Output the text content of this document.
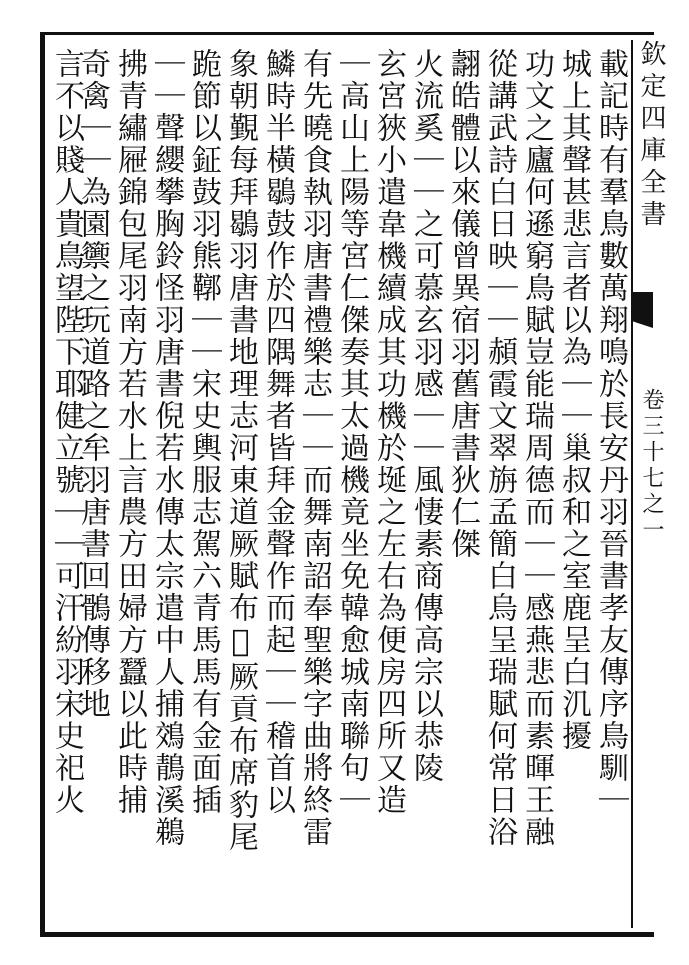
欽定四庫全書
卷三十七之一
載記時有羣鳥數萬翔鳴於長安丹羽晉書孝友傳序鳥馴｜
城上其聲甚悲言者以為｜｜巢叔和之室鹿呈白㲹擾
功文之廬何遜窮鳥賦豈能瑞周德而｜｜感燕悲而素暉王融
從講武詩白日映｜｜頳霞文翠旃孟簡白烏呈瑞賦何常日浴
翿皓體以來儀曾異宿羽舊唐書狄仁傑
火流奚｜｜之可慕玄羽感｜｜風悽素商傳高宗以恭陵
玄宮狹小遣韋機續成其功機於埏之左右為便房四所又造
｜高山上陽等宮仁傑奏其太過機竟坐免韓愈城南聯句｜
有先曉食執羽唐書禮樂志｜｜而舞南詔奉聖樂字曲將終雷
鱗時半橫鶡鼓作於四隅舞者皆拜金聲作而起｜｜稽首以
象朝覲每拜鶡羽唐書地理志河東道厥賦布𥱧厥貢布席豹尾
跪節以鉦鼓羽熊鞹｜｜宋史輿服志駕六青馬馬有金面插
｜｜聲纓攀胸鈴怪羽唐書倪若水傳太宗遣中人捕鵁鶄溪鵜
拂青繡屜錦包尾羽南方若水上言農方田婦方蠶以此時捕
奇禽｜｜為園籞之玩道路之牟羽唐書回鶻傳移地
言不以賤人貴鳥望陛下耶健立號｜｜可汗紛羽宋史祀火
